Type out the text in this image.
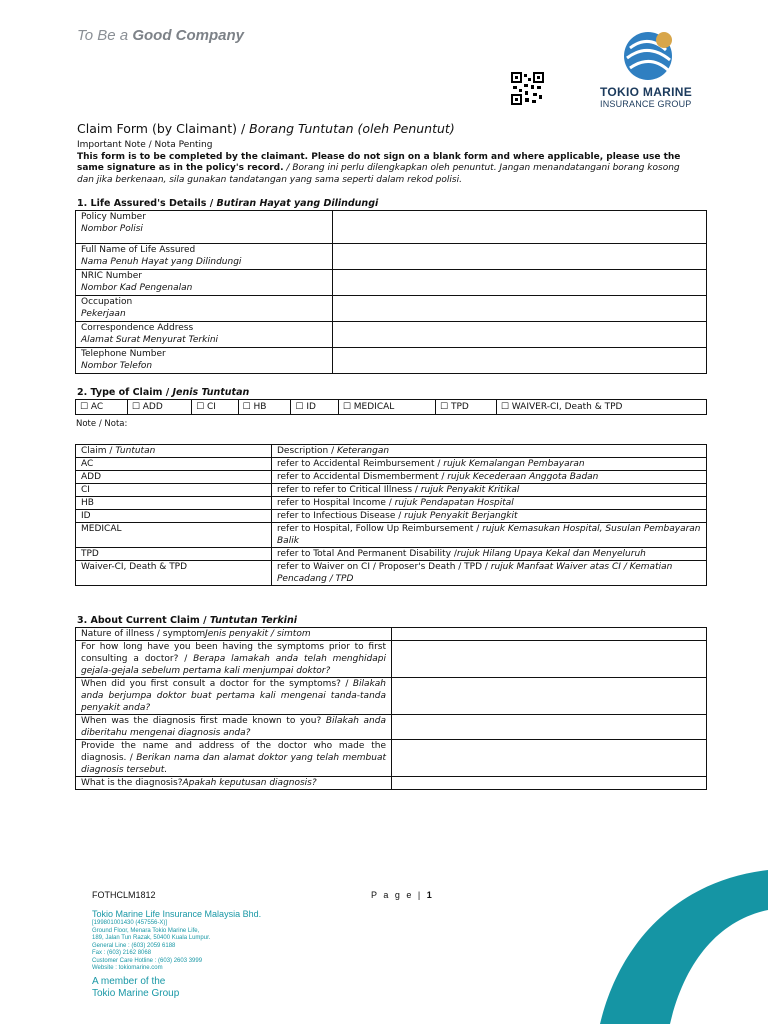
To Be a Good Company
TOKIO MARINE
INSURANCE GROUP
Claim Form (by Claimant) / Borang Tuntutan (oleh Penuntut)
Important Note / Nota Penting
This form is to be completed by the claimant. Please do not sign on a blank form and where applicable, please use the same signature as in the policy's record. / Borang ini perlu dilengkapkan oleh penuntut. Jangan menandatangani borang kosong dan jika berkenaan, sila gunakan tandatangan yang sama seperti dalam rekod polisi.
1. Life Assured's Details / Butiran Hayat yang Dilindungi
Policy Number
Nombor Polisi	

Full Name of Life Assured
Nama Penuh Hayat yang Dilindungi	

NRIC Number
Nombor Kad Pengenalan	

Occupation
Pekerjaan	

Correspondence Address
Alamat Surat Menyurat Terkini	

Telephone Number
Nombor Telefon	

2. Type of Claim / Jenis Tuntutan
☐ AC	☐ ADD	☐ CI	☐ HB	☐ ID	☐ MEDICAL	☐ TPD	☐ WAIVER-CI, Death & TPD
Note / Nota:
Claim / Tuntutan	Description / Keterangan
AC	refer to Accidental Reimbursement / rujuk Kemalangan Pembayaran
ADD	refer to Accidental Dismemberment / rujuk Kecederaan Anggota Badan
CI	refer to refer to Critical Illness / rujuk Penyakit Kritikal
HB	refer to Hospital Income / rujuk Pendapatan Hospital
ID	refer to Infectious Disease / rujuk Penyakit Berjangkit
MEDICAL	refer to Hospital, Follow Up Reimbursement / rujuk Kemasukan Hospital, Susulan Pembayaran Balik
TPD	refer to Total And Permanent Disability /rujuk Hilang Upaya Kekal dan Menyeluruh
Waiver-CI, Death & TPD	refer to Waiver on CI / Proposer's Death / TPD / rujuk Manfaat Waiver atas CI / Kematian Pencadang / TPD
3. About Current Claim / Tuntutan Terkini
Nature of illness / symptomJenis penyakit / simtom	
For how long have you been having the symptoms prior to first consulting a doctor? / Berapa lamakah anda telah menghidapi gejala-gejala sebelum pertama kali menjumpai doktor?	
When did you first consult a doctor for the symptoms? / Bilakah anda berjumpa doktor buat pertama kali mengenai tanda-tanda penyakit anda?	
When was the diagnosis first made known to you? Bilakah anda diberitahu mengenai diagnosis anda?	
Provide the name and address of the doctor who made the diagnosis. / Berikan nama dan alamat doktor yang telah membuat diagnosis tersebut.	
What is the diagnosis?Apakah keputusan diagnosis?	
FOTHCLM1812	P a g e | 1
Tokio Marine Life Insurance Malaysia Bhd.
[199801001430 (457556-X)]
Ground Floor, Menara Tokio Marine Life,
189, Jalan Tun Razak, 50400 Kuala Lumpur.
General Line : (603) 2059 6188
Fax : (603) 2162 8068
Customer Care Hotline : (603) 2603 3999
Website : tokiomarine.com
A member of the
Tokio Marine Group
